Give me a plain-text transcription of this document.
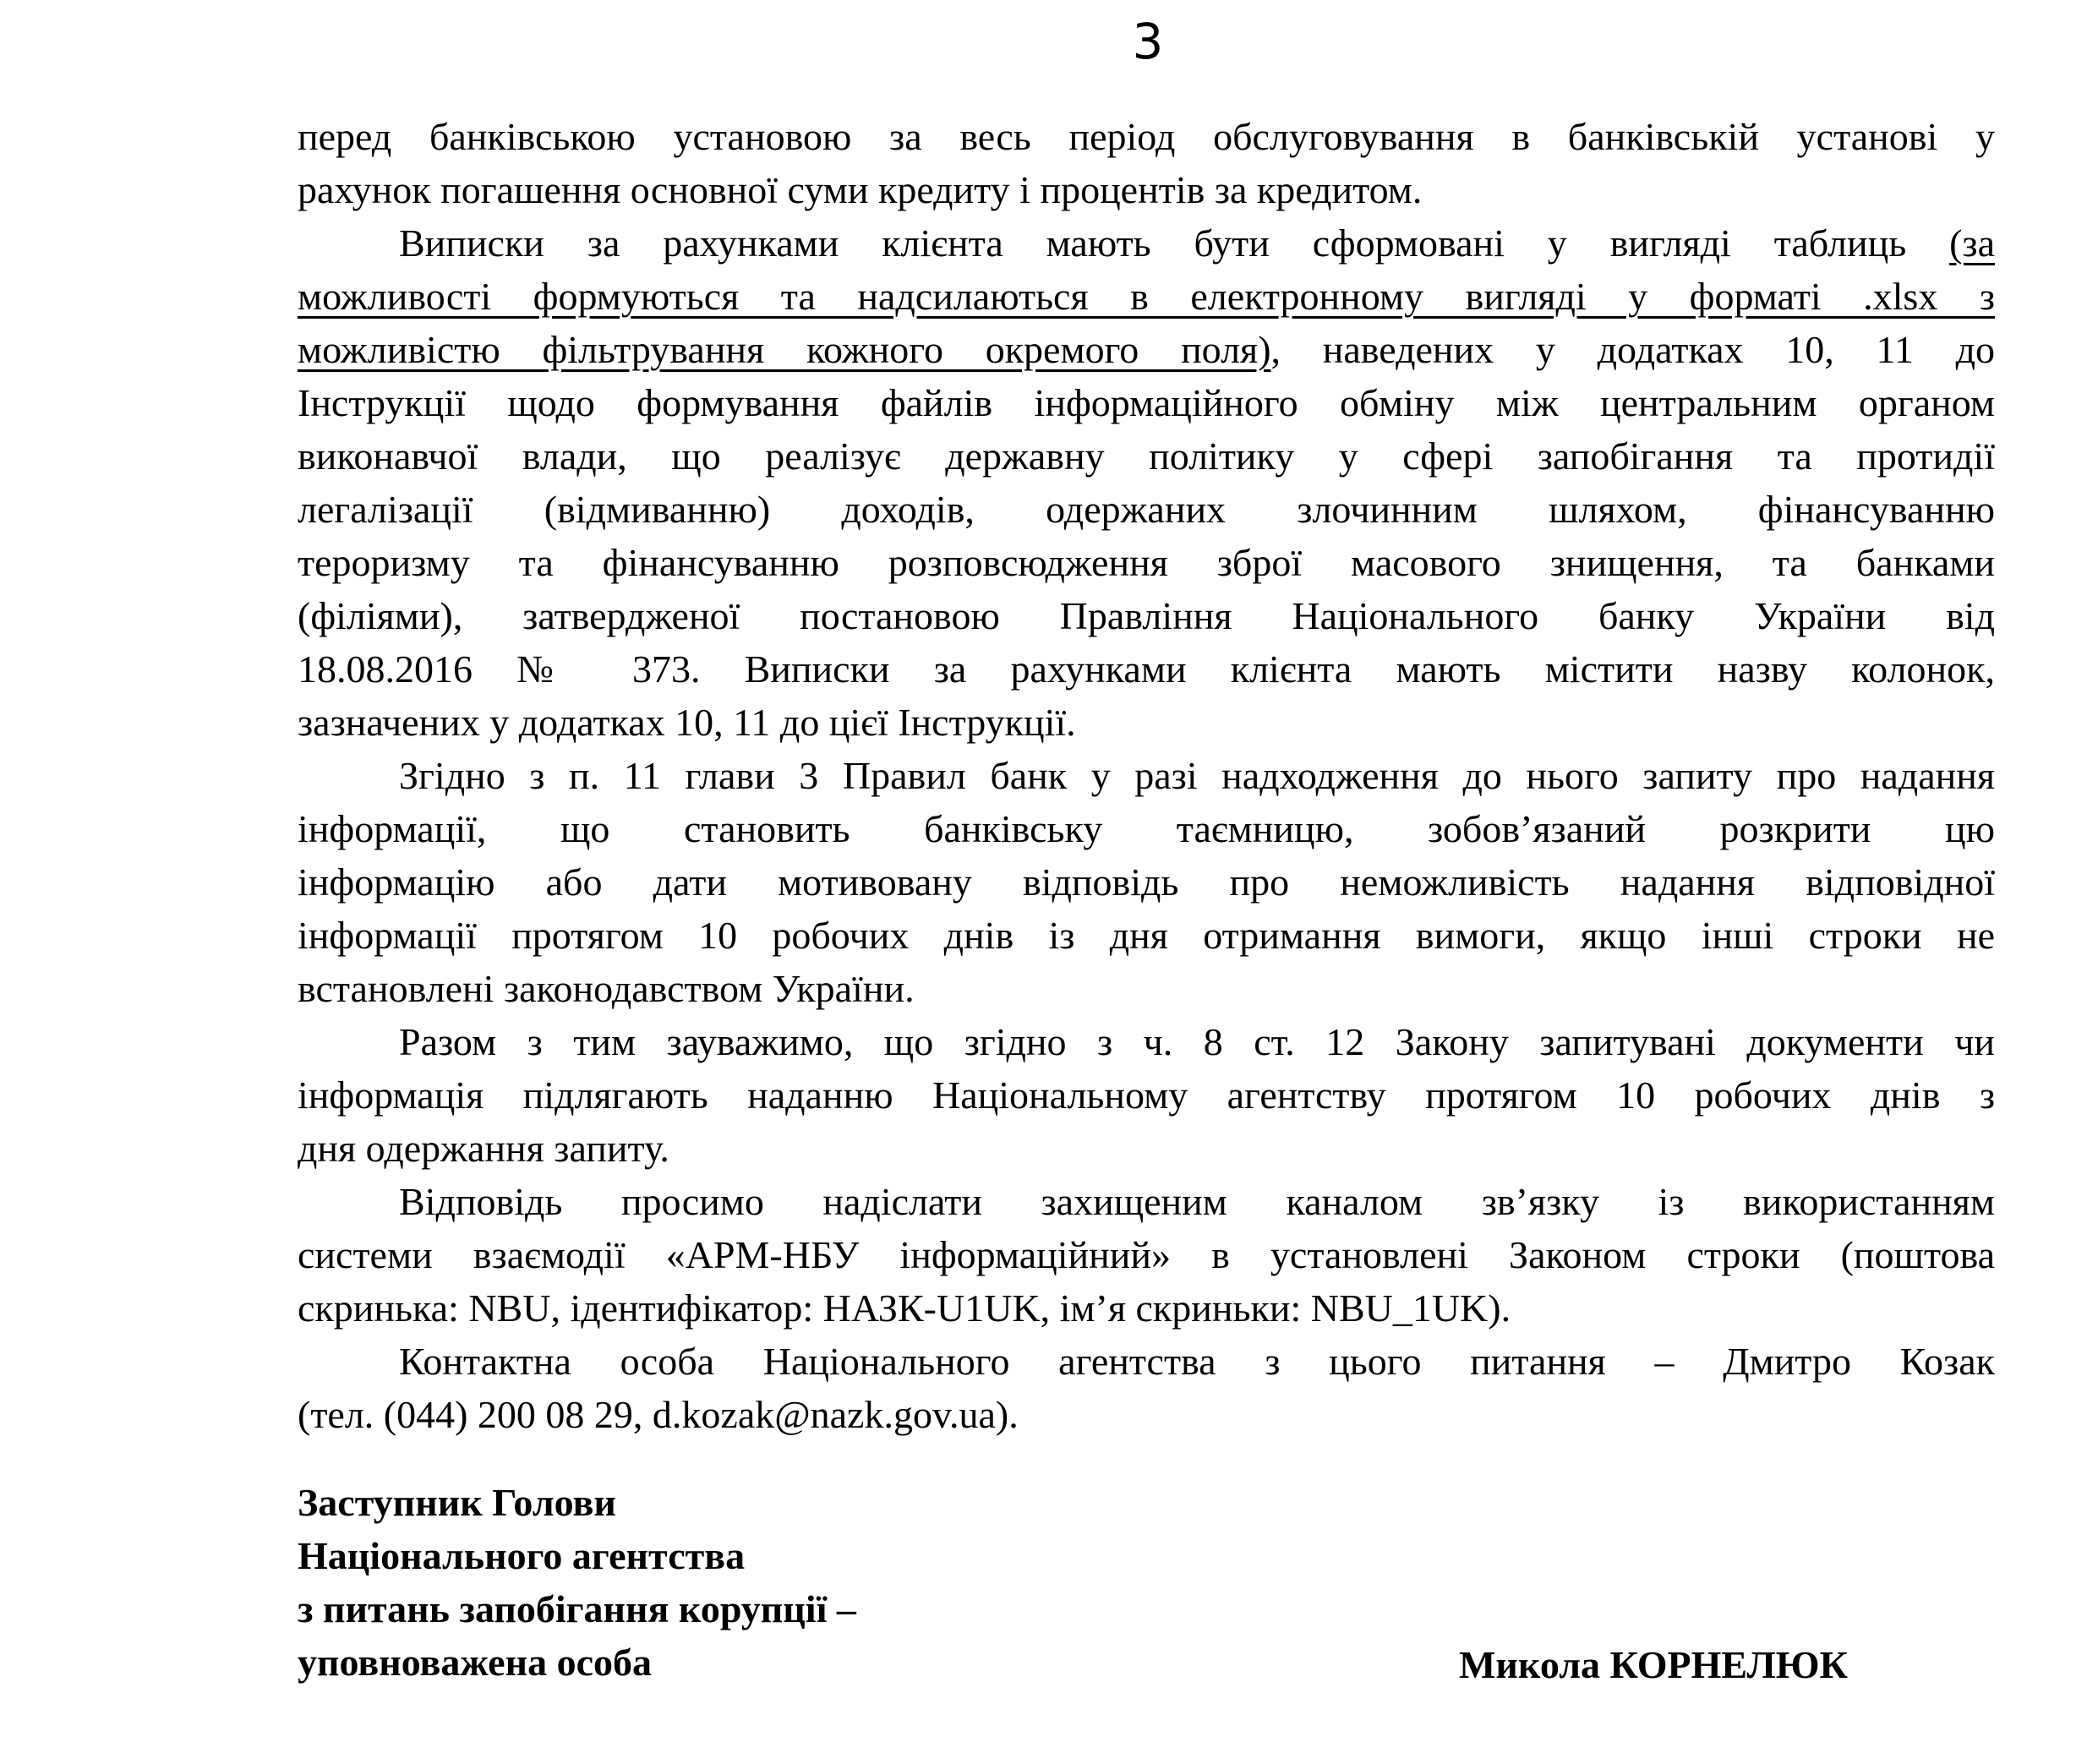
3
перед банківською установою за весь період обслуговування в банківській установі у
рахунок погашення основної суми кредиту і процентів за кредитом.
Виписки за рахунками клієнта мають бути сформовані у вигляді таблиць (за
можливості формуються та надсилаються в електронному вигляді у форматі .xlsx з
можливістю фільтрування кожного окремого поля), наведених у додатках 10, 11 до
Інструкції щодо формування файлів інформаційного обміну між центральним органом
виконавчої влади, що реалізує державну політику у сфері запобігання та протидії
легалізації (відмиванню) доходів, одержаних злочинним шляхом, фінансуванню
тероризму та фінансуванню розповсюдження зброї масового знищення, та банками
(філіями), затвердженої постановою Правління Національного банку України від
18.08.2016 № 373. Виписки за рахунками клієнта мають містити назву колонок,
зазначених у додатках 10, 11 до цієї Інструкції.
Згідно з п. 11 глави 3 Правил банк у разі надходження до нього запиту про надання
інформації, що становить банківську таємницю, зобов’язаний розкрити цю
інформацію або дати мотивовану відповідь про неможливість надання відповідної
інформації протягом 10 робочих днів із дня отримання вимоги, якщо інші строки не
встановлені законодавством України.
Разом з тим зауважимо, що згідно з ч. 8 ст. 12 Закону запитувані документи чи
інформація підлягають наданню Національному агентству протягом 10 робочих днів з
дня одержання запиту.
Відповідь просимо надіслати захищеним каналом зв’язку із використанням
системи взаємодії «АРМ-НБУ інформаційний» в установлені Законом строки (поштова
скринька: NBU, ідентифікатор: НАЗК-U1UK, ім’я скриньки: NBU_1UK).
Контактна особа Національного агентства з цього питання – Дмитро Козак
(тел. (044) 200 08 29, d.kozak@nazk.gov.ua).
Заступник Голови
Національного агентства
з питань запобігання корупції –
уповноважена особа	Микола КОРНЕЛЮК
